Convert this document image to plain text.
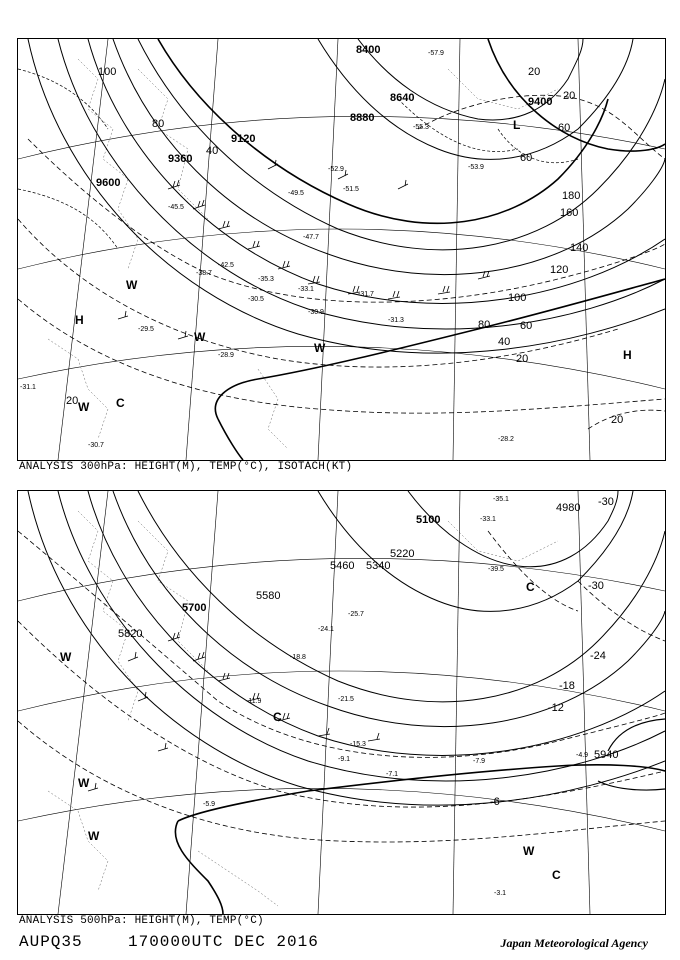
8400
8640
8880
9120
9360
9600
9400
100
80
40
20
60
80
100
120
140
160
180
20
40
60
20
20
60
20
-57.9
-55.3
-53.9
-52.9
-51.5
-49.5
-47.7
-45.5
-42.5
-38.7
-35.3
-33.1
-31.7
-31.3
-30.9
-30.5
-29.5
-28.9
-30.7
-31.1
-28.2
H
H
L
W
W
W
W C
ANALYSIS 300hPa: HEIGHT(M), TEMP(°C), ISOTACH(KT)
5100
4980
5220
5340
5460
5580
5700
5820
5940
-30
-30
-24
-18
-12
-6
-35.1
-39.5
-33.1
-25.7
-24.1
-21.5
-18.8
-15.3
-11.9
-9.1	-7.9
-7.1
-5.9
-4.9
-3.1
W
W
W
C
W
C
C
ANALYSIS 500hPa: HEIGHT(M), TEMP(°C)
AUPQ35	170000UTC DEC 2016	Japan Meteorological Agency
